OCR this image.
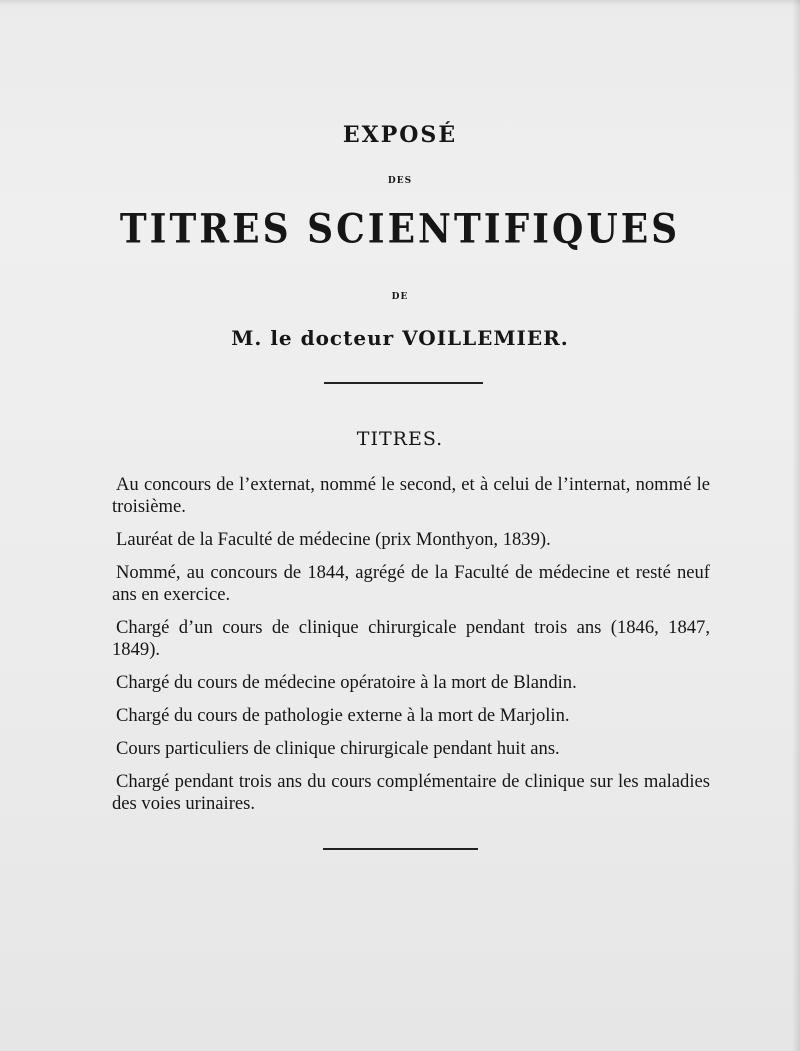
EXPOSÉ
DES
TITRES SCIENTIFIQUES
DE
M. le docteur VOILLEMIER.
TITRES.

Au concours de l’externat, nommé le second, et à celui de l’internat, nommé le troisième.

Lauréat de la Faculté de médecine (prix Monthyon, 1839).

Nommé, au concours de 1844, agrégé de la Faculté de médecine et resté neuf ans en exercice.

Chargé d’un cours de clinique chirurgicale pendant trois ans (1846, 1847, 1849).

Chargé du cours de médecine opératoire à la mort de Blandin.

Chargé du cours de pathologie externe à la mort de Marjolin.

Cours particuliers de clinique chirurgicale pendant huit ans.

Chargé pendant trois ans du cours complémentaire de clinique sur les maladies des voies urinaires.
